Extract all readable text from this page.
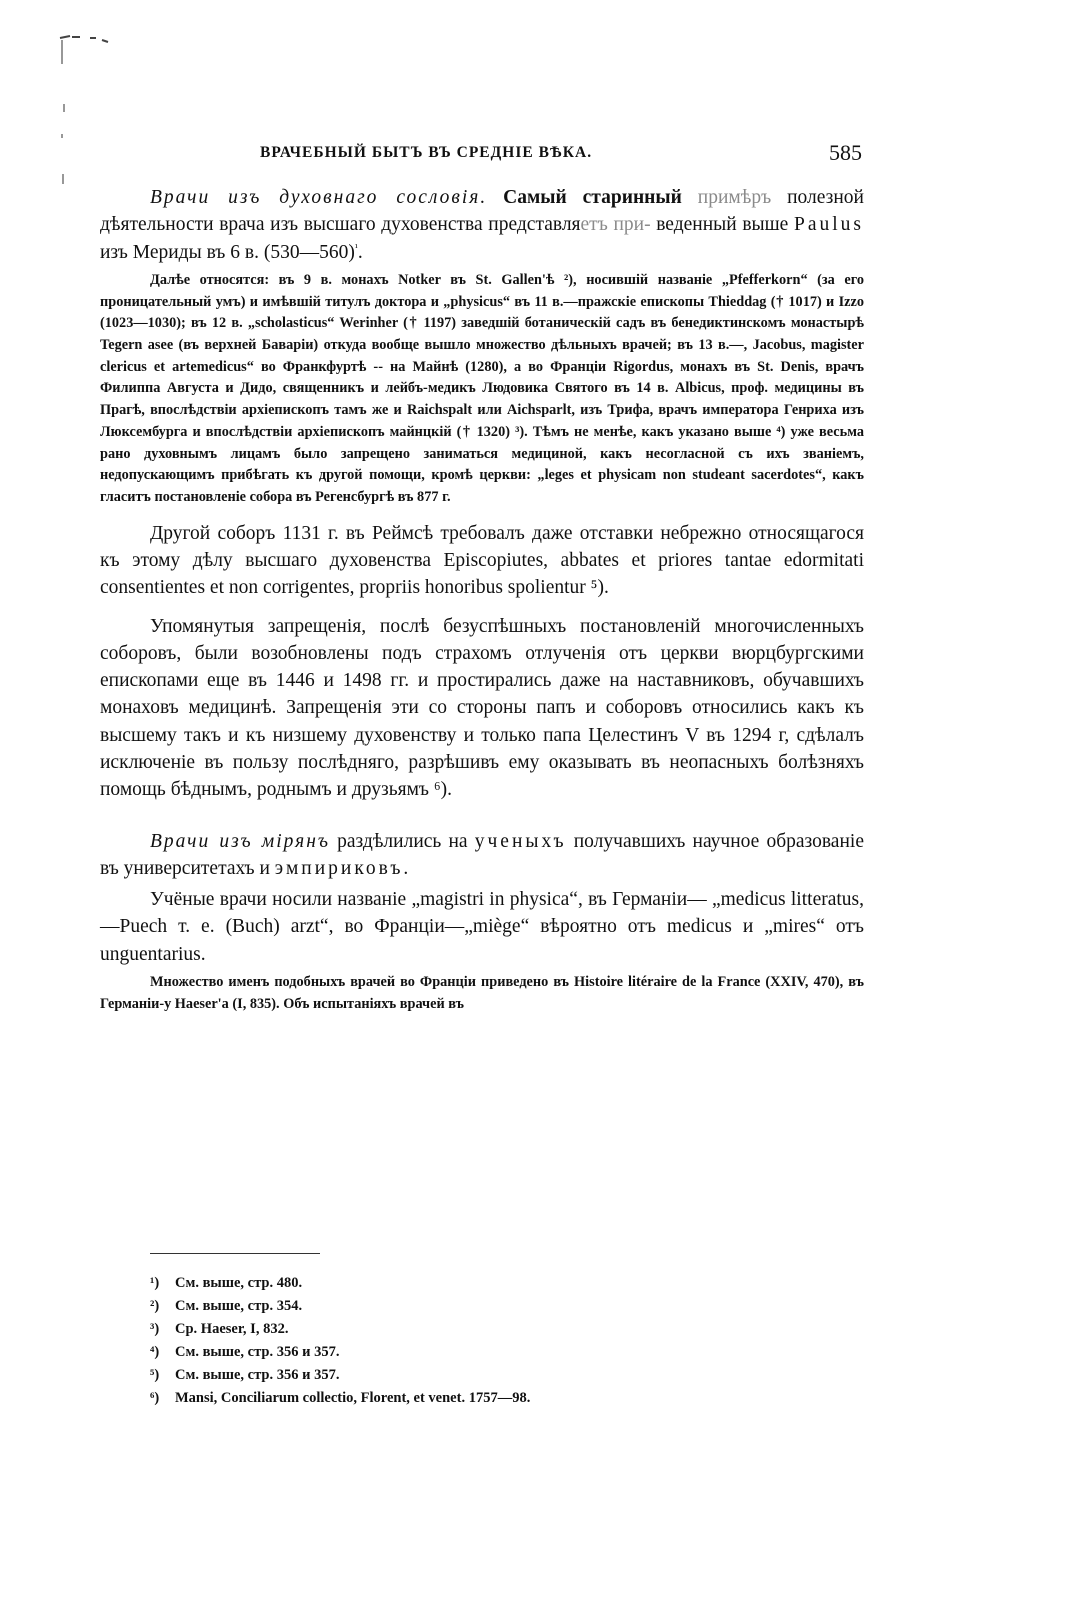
ВРАЧЕБНЫЙ БЫТЪ ВЪ СРЕДНІЕ ВѢКА.	585

Врачи изъ духовнаго сословія. Самый старинный примѣръ полезной дѣятельности врача изъ высшаго духовенства представляетъ при- веденный выше Paulus изъ Мериды въ 6 в. (530—560)$^{^1}$.

Далѣе относятся: въ 9 в. монахъ Notker въ St. Gallen'ѣ ²), носившій названіе „Pfefferkorn“ (за его проницательный умъ) и имѣвшій титулъ доктора и „physicus“ въ 11 в.—пражскіе епископы Thieddag († 1017) и Izzo (1023—1030); въ 12 в. „scholasticus“ Werinher († 1197) заведшій ботаническій садъ въ бенедиктинскомъ монастырѣ Tegern asee (въ верхней Баваріи) откуда вообще вышло множество дѣльныхъ врачей; въ 13 в.—, Jacobus, magister clericus et artemedicus“ во Франкфуртѣ -- на Майнѣ (1280), а во Франціи Rigordus, монахъ въ St. Denis, врачъ Филиппа Августа и Дидо, священникъ и лейбъ-медикъ Людовика Святого въ 14 в. Albicus, проф. медицины въ Прагѣ, впослѣдствіи архіепископъ тамъ же и Raichspalt или Aichsparlt, изъ Трифа, врачъ императора Генриха изъ Люксембурга и впослѣдствіи архіепископъ майнцкій († 1320) ³). Тѣмъ не менѣе, какъ указано выше ⁴) уже весьма рано духовнымъ лицамъ было запрещено заниматься медициной, какъ несогласной съ ихъ званіемъ, недопускающимъ прибѣгать къ другой помощи, кромѣ церкви: „leges et physicam non studeant sacerdotes“, какъ гласитъ постановленіе собора въ Регенсбургѣ въ 877 г.

Другой соборъ 1131 г. въ Реймсѣ требовалъ даже отставки небрежно относящагося къ этому дѣлу высшаго духовенства Episcopiutes, abbates et priores tantae edormitati consentientes et non corrigentes, propriis honoribus spolientur ⁵).

Упомянутыя запрещенія, послѣ безуспѣшныхъ постановленій многочисленныхъ соборовъ, были возобновлены подъ страхомъ отлученія отъ церкви вюрцбургскими епископами еще въ 1446 и 1498 гг. и простирались даже на наставниковъ, обучавшихъ монаховъ медицинѣ. Запрещенія эти со стороны папъ и соборовъ относились какъ къ высшему такъ и къ низшему духовенству и только папа Целестинъ V въ 1294 г, сдѣлалъ исключеніе въ пользу послѣдняго, разрѣшивъ ему оказывать въ неопасныхъ болѣзняхъ помощь бѣднымъ, роднымъ и друзьямъ ⁶).

Врачи изъ мірянъ раздѣлились на ученыхъ получавшихъ научное образованіе въ университетахъ и эмпириковъ.

Учёные врачи носили названіе „magistri in physica“, въ Германіи— „medicus litteratus,—Puech т. е. (Buch) arzt“, во Франціи—„miège“ вѣроятно отъ medicus и „mires“ отъ unguentarius.

Множество именъ подобныхъ врачей во Франціи приведено въ Histoire litéraire de la France (XXIV, 470), въ Германіи-у Haeser'a (I, 835). Объ испытаніяхъ врачей въ

¹) См. выше, стр. 480.
²) См. выше, стр. 354.
³) Ср. Haeser, I, 832.
⁴) См. выше, стр. 356 и 357.
⁵) См. выше, стр. 356 и 357.
⁶) Mansi, Conciliarum collectio, Florent, et venet. 1757—98.
